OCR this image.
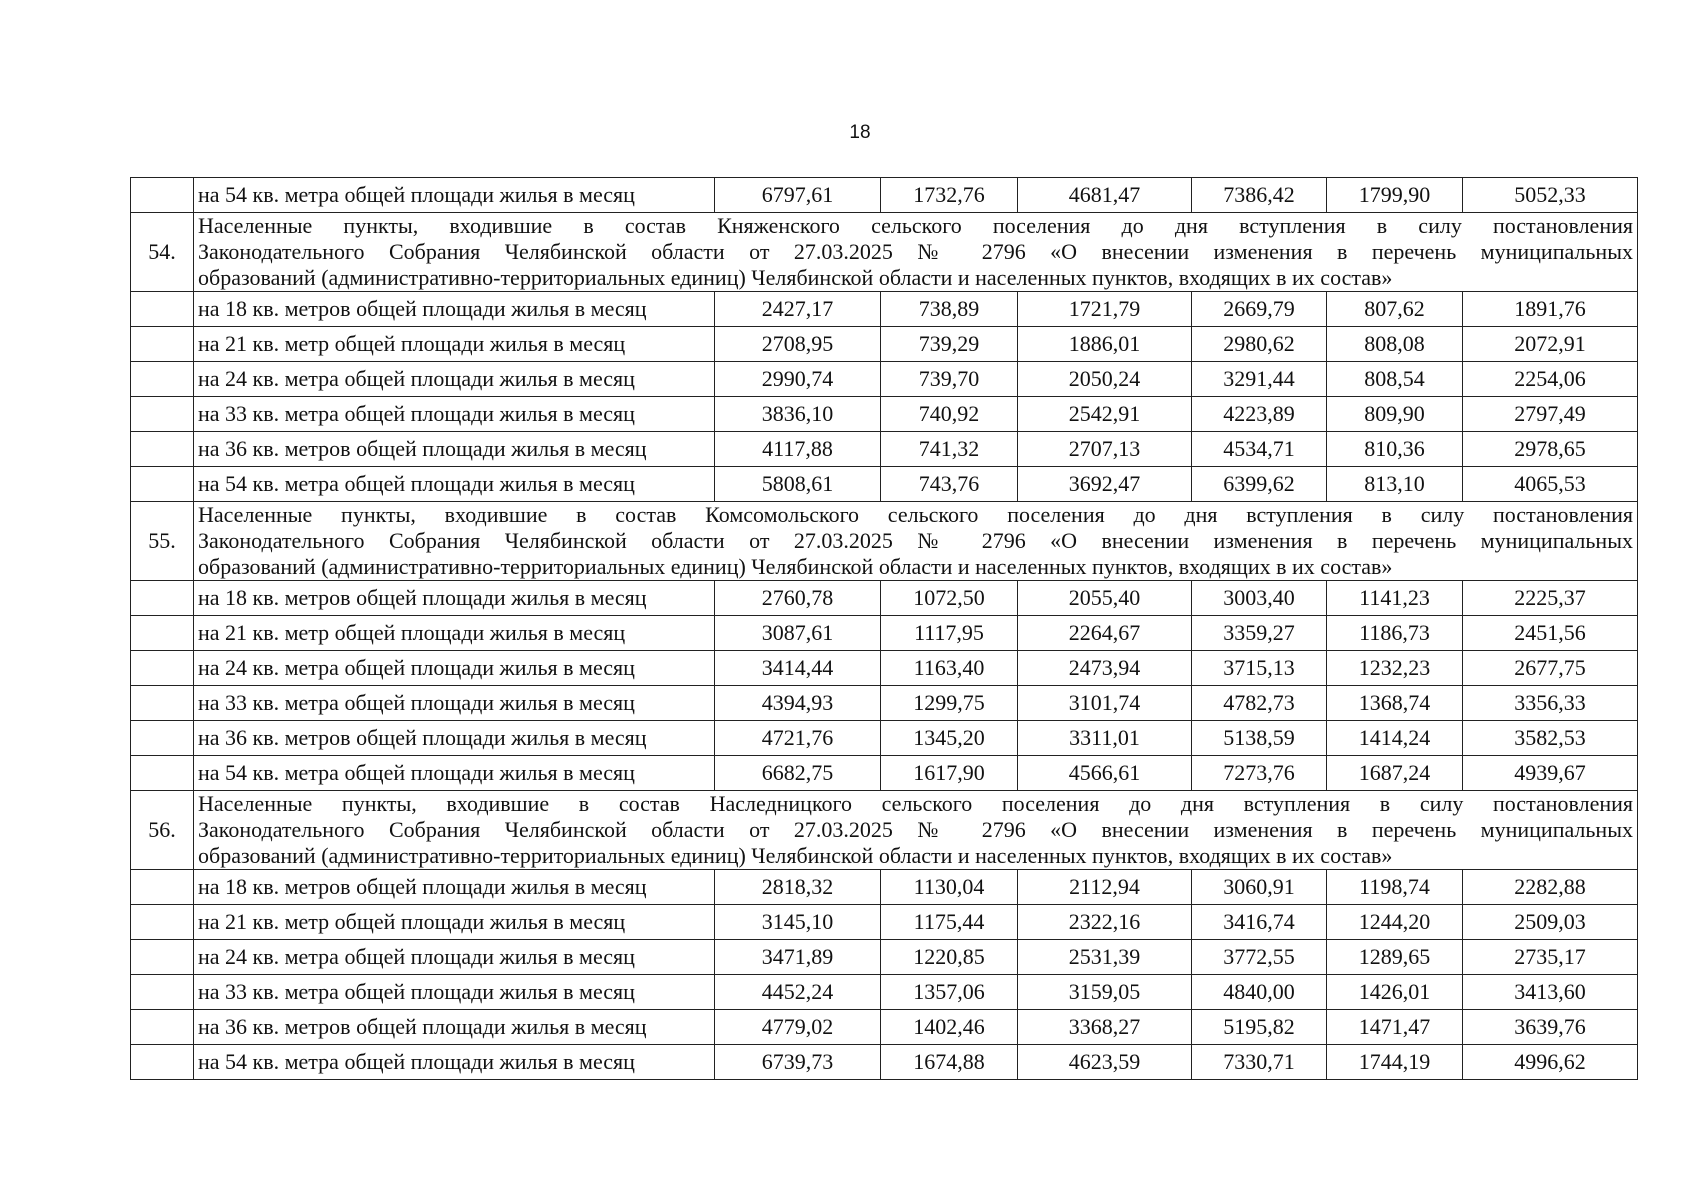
18
	на 54 кв. метра общей площади жилья в месяц	6797,61	1732,76	4681,47	7386,42	1799,90	5052,33
54.	Населенные пункты, входившие в состав Княженского сельского поселения до дня вступления в силу постановления
Законодательного Собрания Челябинской области от 27.03.2025 № 2796 «О внесении изменения в перечень муниципальных
образований (административно-территориальных единиц) Челябинской области и населенных пунктов, входящих в их состав»						

	на 18 кв. метров общей площади жилья в месяц	2427,17	738,89	1721,79	2669,79	807,62	1891,76
	на 21 кв. метр общей площади жилья в месяц	2708,95	739,29	1886,01	2980,62	808,08	2072,91
	на 24 кв. метра общей площади жилья в месяц	2990,74	739,70	2050,24	3291,44	808,54	2254,06
	на 33 кв. метра общей площади жилья в месяц	3836,10	740,92	2542,91	4223,89	809,90	2797,49
	на 36 кв. метров общей площади жилья в месяц	4117,88	741,32	2707,13	4534,71	810,36	2978,65
	на 54 кв. метра общей площади жилья в месяц	5808,61	743,76	3692,47	6399,62	813,10	4065,53
55.	Населенные пункты, входившие в состав Комсомольского сельского поселения до дня вступления в силу постановления
Законодательного Собрания Челябинской области от 27.03.2025 № 2796 «О внесении изменения в перечень муниципальных
образований (административно-территориальных единиц) Челябинской области и населенных пунктов, входящих в их состав»						

	на 18 кв. метров общей площади жилья в месяц	2760,78	1072,50	2055,40	3003,40	1141,23	2225,37
	на 21 кв. метр общей площади жилья в месяц	3087,61	1117,95	2264,67	3359,27	1186,73	2451,56
	на 24 кв. метра общей площади жилья в месяц	3414,44	1163,40	2473,94	3715,13	1232,23	2677,75
	на 33 кв. метра общей площади жилья в месяц	4394,93	1299,75	3101,74	4782,73	1368,74	3356,33
	на 36 кв. метров общей площади жилья в месяц	4721,76	1345,20	3311,01	5138,59	1414,24	3582,53
	на 54 кв. метра общей площади жилья в месяц	6682,75	1617,90	4566,61	7273,76	1687,24	4939,67
56.	Населенные пункты, входившие в состав Наследницкого сельского поселения до дня вступления в силу постановления
Законодательного Собрания Челябинской области от 27.03.2025 № 2796 «О внесении изменения в перечень муниципальных
образований (административно-территориальных единиц) Челябинской области и населенных пунктов, входящих в их состав»						

	на 18 кв. метров общей площади жилья в месяц	2818,32	1130,04	2112,94	3060,91	1198,74	2282,88
	на 21 кв. метр общей площади жилья в месяц	3145,10	1175,44	2322,16	3416,74	1244,20	2509,03
	на 24 кв. метра общей площади жилья в месяц	3471,89	1220,85	2531,39	3772,55	1289,65	2735,17
	на 33 кв. метра общей площади жилья в месяц	4452,24	1357,06	3159,05	4840,00	1426,01	3413,60
	на 36 кв. метров общей площади жилья в месяц	4779,02	1402,46	3368,27	5195,82	1471,47	3639,76
	на 54 кв. метра общей площади жилья в месяц	6739,73	1674,88	4623,59	7330,71	1744,19	4996,62
